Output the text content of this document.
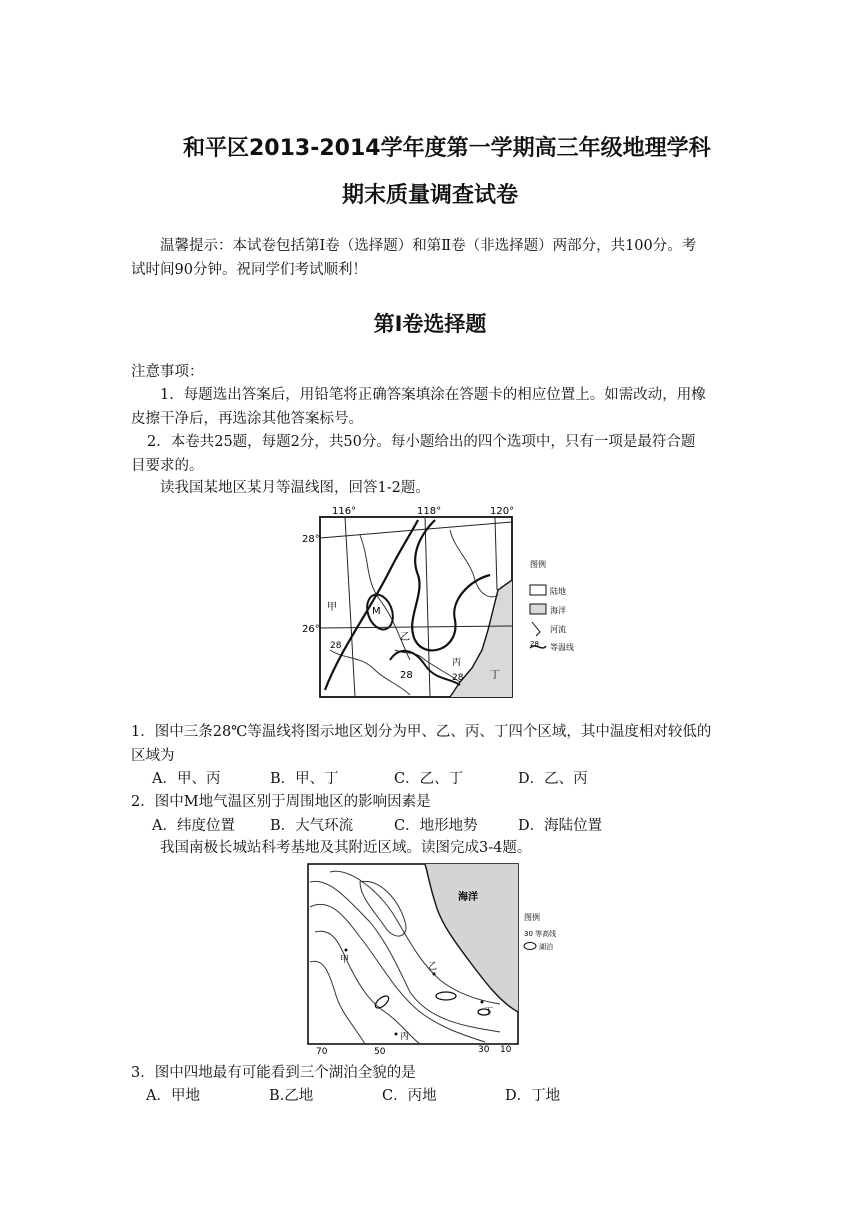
和平区2013-2014学年度第一学期高三年级地理学科
期末质量调查试卷
温馨提示：本试卷包括第Ⅰ卷（选择题）和第Ⅱ卷（非选择题）两部分，共100分。考
试时间90分钟。祝同学们考试顺利！
第Ⅰ卷选择题
注意事项：
1．每题选出答案后，用铅笔将正确答案填涂在答题卡的相应位置上。如需改动，用橡
皮擦干净后，再选涂其他答案标号。
2．本卷共25题，每题2分，共50分。每小题给出的四个选项中，只有一项是最符合题
目要求的。
读我国某地区某月等温线图，回答1-2题。
116°	118°	120°
28°
26°
甲	M
乙
丙
丁
28
28	28
图例
陆地
海洋
河流
28 等温线
1．图中三条28℃等温线将图示地区划分为甲、乙、丙、丁四个区域，其中温度相对较低的
区域为
A．甲、丙	B．甲、丁	C．乙、丁	D．乙、丙
2．图中M地气温区别于周围地区的影响因素是
A．纬度位置 B．大气环流	C．地形地势	D．海陆位置
我国南极长城站科考基地及其附近区域。读图完成3-4题。
甲
乙
丙
丁
海洋
70	50	30 10
图例
30 等高线
湖泊
3．图中四地最有可能看到三个湖泊全貌的是
A．甲地	B.乙地	C．丙地	D．丁地
